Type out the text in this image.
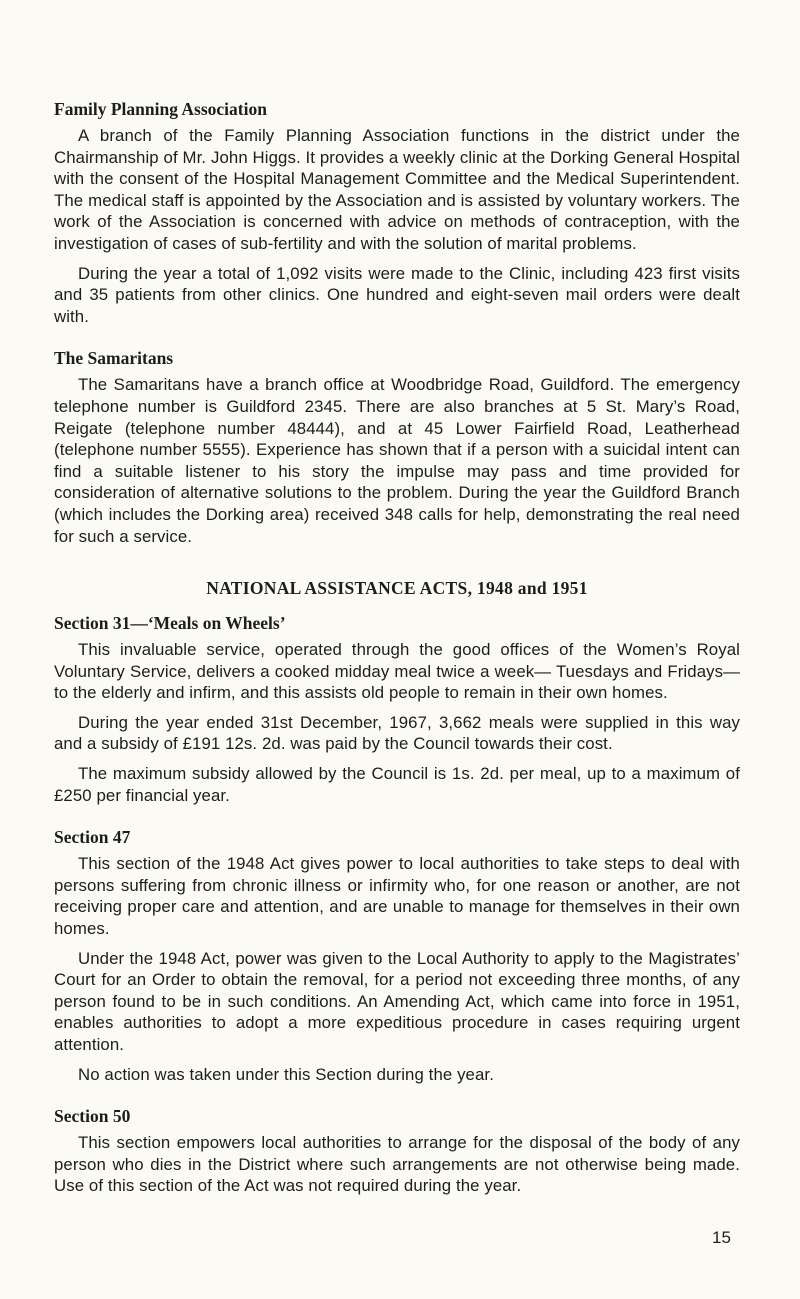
Family Planning Association

A branch of the Family Planning Association functions in the district under the Chairmanship of Mr. John Higgs. It provides a weekly clinic at the Dorking General Hospital with the consent of the Hospital Management Committee and the Medical Superintendent. The medical staff is appointed by the Association and is assisted by voluntary workers. The work of the Association is concerned with advice on methods of contraception, with the investigation of cases of sub-fertility and with the solution of marital problems.

During the year a total of 1,092 visits were made to the Clinic, including 423 first visits and 35 patients from other clinics. One hundred and eight-seven mail orders were dealt with.

The Samaritans

The Samaritans have a branch office at Woodbridge Road, Guildford. The emergency telephone number is Guildford 2345. There are also branches at 5 St. Mary’s Road, Reigate (telephone number 48444), and at 45 Lower Fairfield Road, Leatherhead (telephone number 5555). Experience has shown that if a person with a suicidal intent can find a suitable listener to his story the impulse may pass and time provided for consideration of alternative solutions to the problem. During the year the Guildford Branch (which includes the Dorking area) received 348 calls for help, demonstrating the real need for such a service.

NATIONAL ASSISTANCE ACTS, 1948 and 1951
Section 31—‘Meals on Wheels’

This invaluable service, operated through the good offices of the Women’s Royal Voluntary Service, delivers a cooked midday meal twice a week— Tuesdays and Fridays—to the elderly and infirm, and this assists old people to remain in their own homes.

During the year ended 31st December, 1967, 3,662 meals were supplied in this way and a subsidy of £191 12s. 2d. was paid by the Council towards their cost.

The maximum subsidy allowed by the Council is 1s. 2d. per meal, up to a maximum of £250 per financial year.

Section 47

This section of the 1948 Act gives power to local authorities to take steps to deal with persons suffering from chronic illness or infirmity who, for one reason or another, are not receiving proper care and attention, and are unable to manage for themselves in their own homes.

Under the 1948 Act, power was given to the Local Authority to apply to the Magistrates’ Court for an Order to obtain the removal, for a period not exceeding three months, of any person found to be in such conditions. An Amending Act, which came into force in 1951, enables authorities to adopt a more expeditious procedure in cases requiring urgent attention.

No action was taken under this Section during the year.

Section 50

This section empowers local authorities to arrange for the disposal of the body of any person who dies in the District where such arrangements are not otherwise being made. Use of this section of the Act was not required during the year.

15
